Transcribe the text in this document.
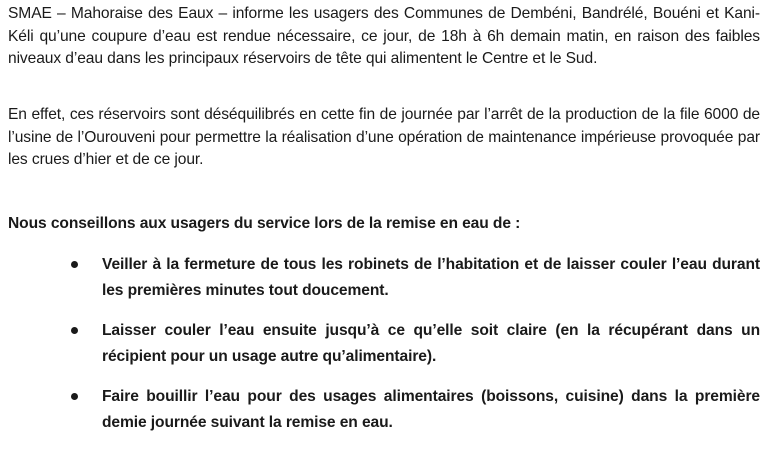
SMAE – Mahoraise des Eaux – informe les usagers des Communes de Dembéni, Bandrélé, Bouéni et Kani-Kéli qu’une coupure d’eau est rendue nécessaire, ce jour, de 18h à 6h demain matin, en raison des faibles niveaux d’eau dans les principaux réservoirs de tête qui alimentent le Centre et le Sud.

En effet, ces réservoirs sont déséquilibrés en cette fin de journée par l’arrêt de la production de la file 6000 de l’usine de l’Ourouveni pour permettre la réalisation d’une opération de maintenance impérieuse provoquée par les crues d’hier et de ce jour.

Nous conseillons aux usagers du service lors de la remise en eau de :

Veiller à la fermeture de tous les robinets de l’habitation et de laisser couler l’eau durant les premières minutes tout doucement.
Laisser couler l’eau ensuite jusqu’à ce qu’elle soit claire (en la récupérant dans un récipient pour un usage autre qu’alimentaire).
Faire bouillir l’eau pour des usages alimentaires (boissons, cuisine) dans la première demie journée suivant la remise en eau.
